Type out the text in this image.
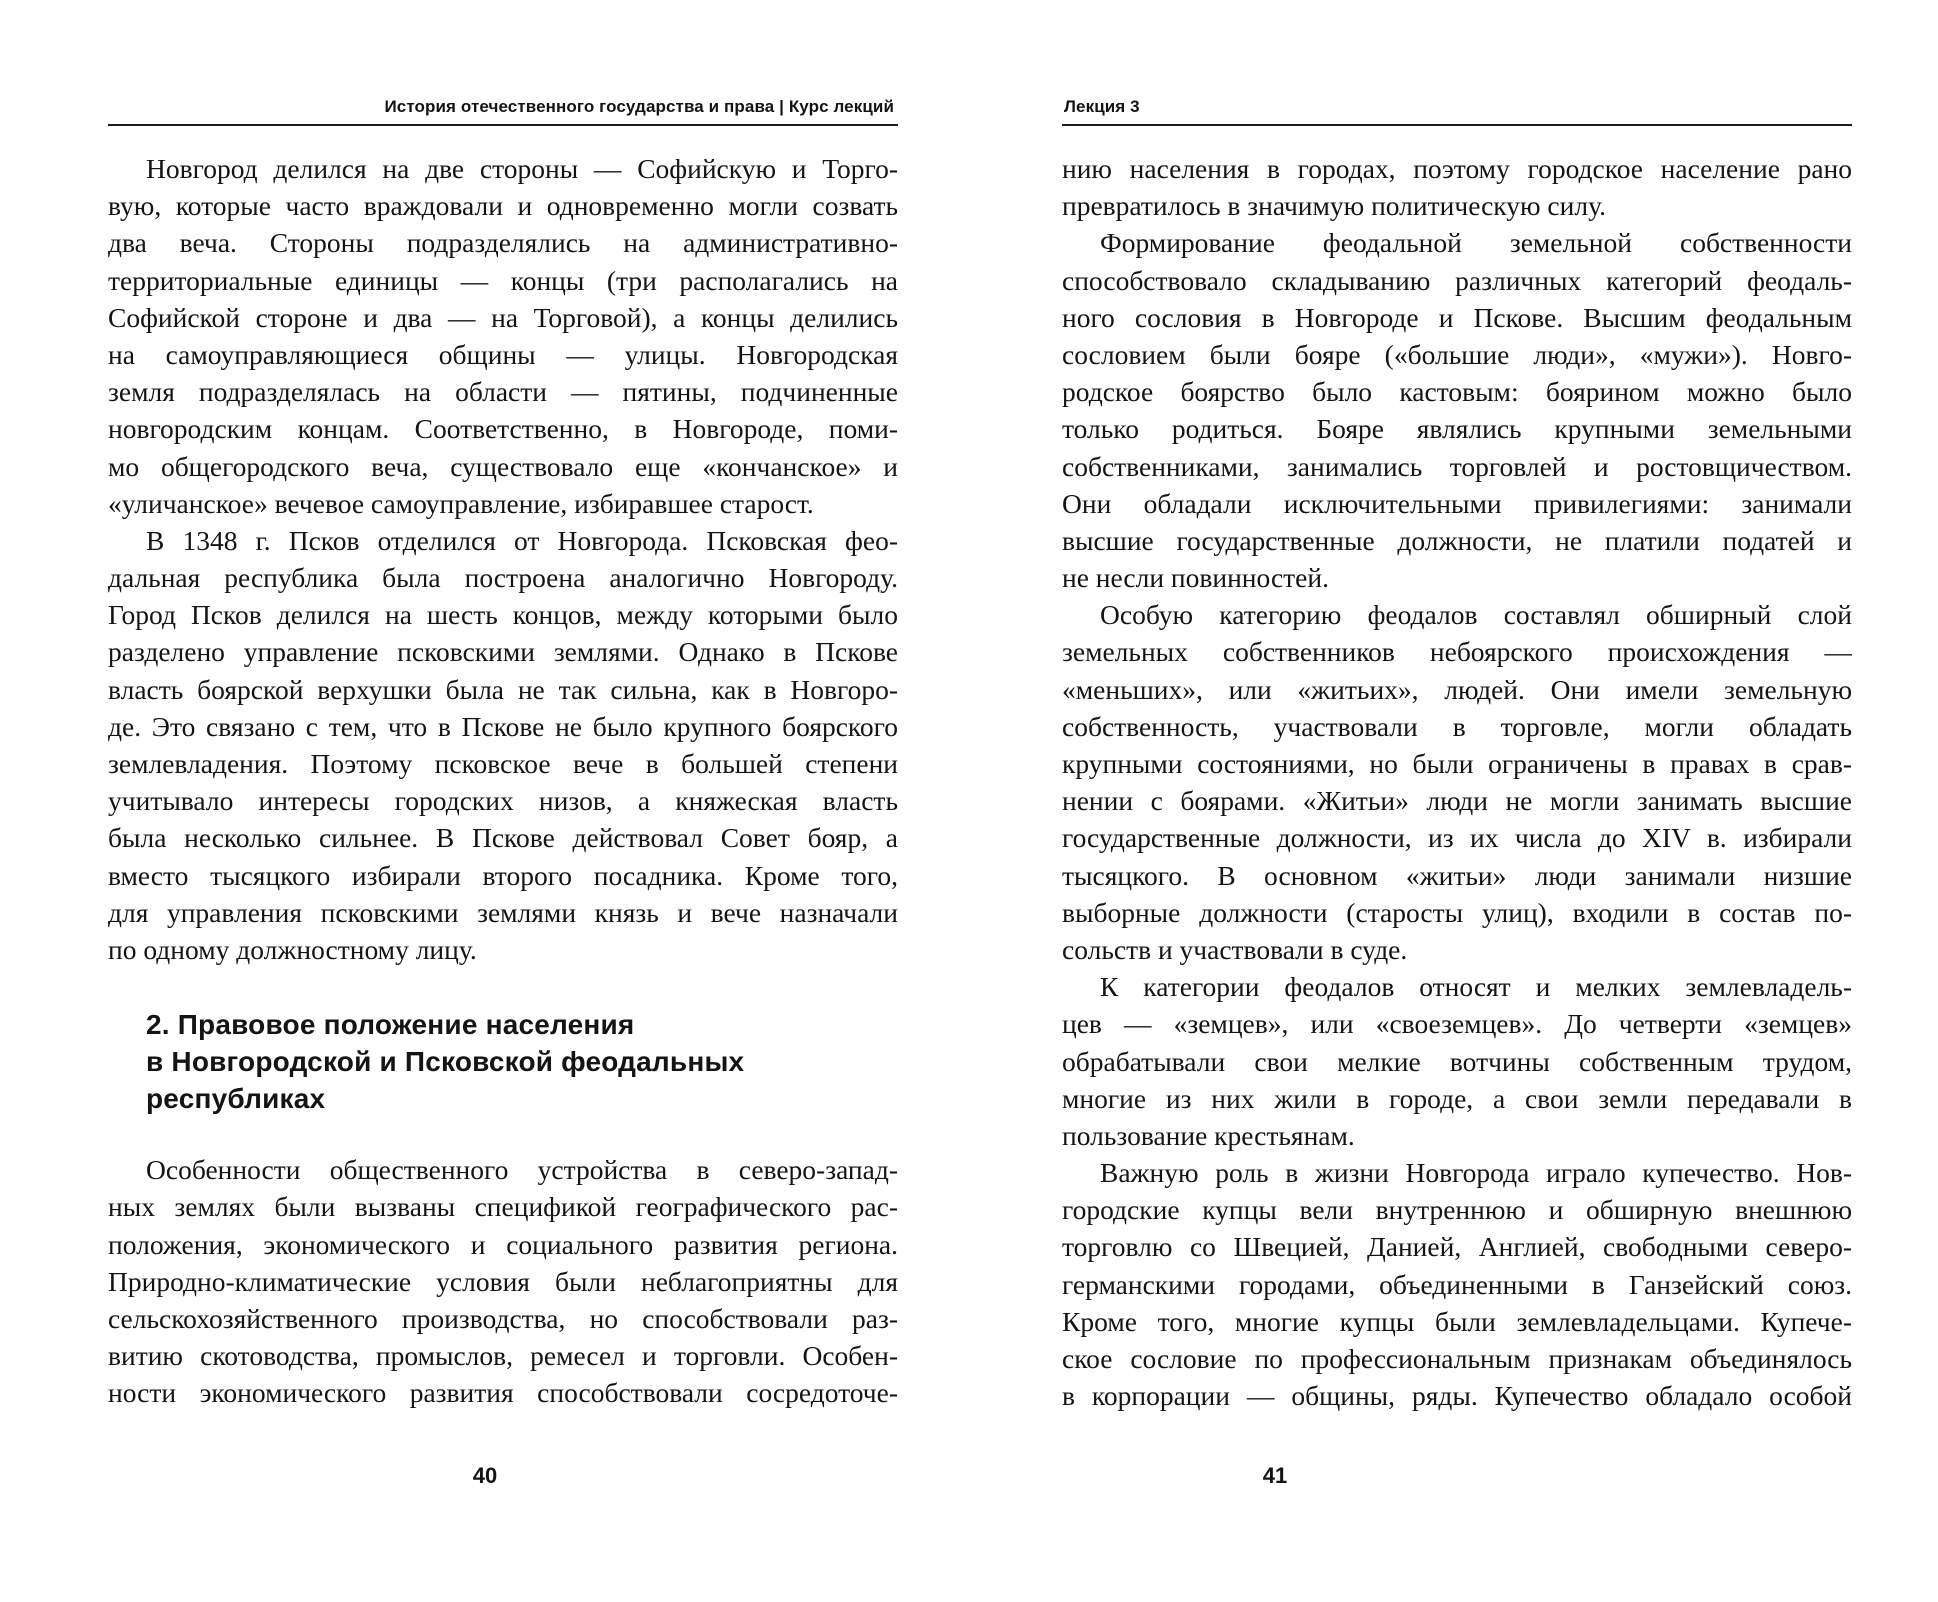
История отечественного государства и права | Курс лекций
Новгород делился на две стороны — Софийскую и Торго-
вую, которые часто враждовали и одновременно могли созвать
два веча. Стороны подразделялись на административно-
территориальные единицы — концы (три располагались на
Софийской стороне и два — на Торговой), а концы делились
на самоуправляющиеся общины — улицы. Новгородская
земля подразделялась на области — пятины, подчиненные
новгородским концам. Соответственно, в Новгороде, поми-
мо общегородского веча, существовало еще «кончанское» и
«уличанское» вечевое самоуправление, избиравшее старост.
В 1348 г. Псков отделился от Новгорода. Псковская фео-
дальная республика была построена аналогично Новгороду.
Город Псков делился на шесть концов, между которыми было
разделено управление псковскими землями. Однако в Пскове
власть боярской верхушки была не так сильна, как в Новгоро-
де. Это связано с тем, что в Пскове не было крупного боярского
землевладения. Поэтому псковское вече в большей степени
учитывало интересы городских низов, а княжеская власть
была несколько сильнее. В Пскове действовал Совет бояр, а
вместо тысяцкого избирали второго посадника. Кроме того,
для управления псковскими землями князь и вече назначали
по одному должностному лицу.
2. Правовое положение населения
в Новгородской и Псковской феодальных
республиках
Особенности общественного устройства в северо-запад-
ных землях были вызваны спецификой географического рас-
положения, экономического и социального развития региона.
Природно-климатические условия были неблагоприятны для
сельскохозяйственного производства, но способствовали раз-
витию скотоводства, промыслов, ремесел и торговли. Особен-
ности экономического развития способствовали сосредоточе-
40
Лекция 3
нию населения в городах, поэтому городское население рано
превратилось в значимую политическую силу.
Формирование феодальной земельной собственности
способствовало складыванию различных категорий феодаль-
ного сословия в Новгороде и Пскове. Высшим феодальным
сословием были бояре («большие люди», «мужи»). Новго-
родское боярство было кастовым: боярином можно было
только родиться. Бояре являлись крупными земельными
собственниками, занимались торговлей и ростовщичеством.
Они обладали исключительными привилегиями: занимали
высшие государственные должности, не платили податей и
не несли повинностей.
Особую категорию феодалов составлял обширный слой
земельных собственников небоярского происхождения —
«меньших», или «житьих», людей. Они имели земельную
собственность, участвовали в торговле, могли обладать
крупными состояниями, но были ограничены в правах в срав-
нении с боярами. «Житьи» люди не могли занимать высшие
государственные должности, из их числа до XIV в. избирали
тысяцкого. В основном «житьи» люди занимали низшие
выборные должности (старосты улиц), входили в состав по-
сольств и участвовали в суде.
К категории феодалов относят и мелких землевладель-
цев — «земцев», или «своеземцев». До четверти «земцев»
обрабатывали свои мелкие вотчины собственным трудом,
многие из них жили в городе, а свои земли передавали в
пользование крестьянам.
Важную роль в жизни Новгорода играло купечество. Нов-
городские купцы вели внутреннюю и обширную внешнюю
торговлю со Швецией, Данией, Англией, свободными северо-
германскими городами, объединенными в Ганзейский союз.
Кроме того, многие купцы были землевладельцами. Купече-
ское сословие по профессиональным признакам объединялось
в корпорации — общины, ряды. Купечество обладало особой
41
